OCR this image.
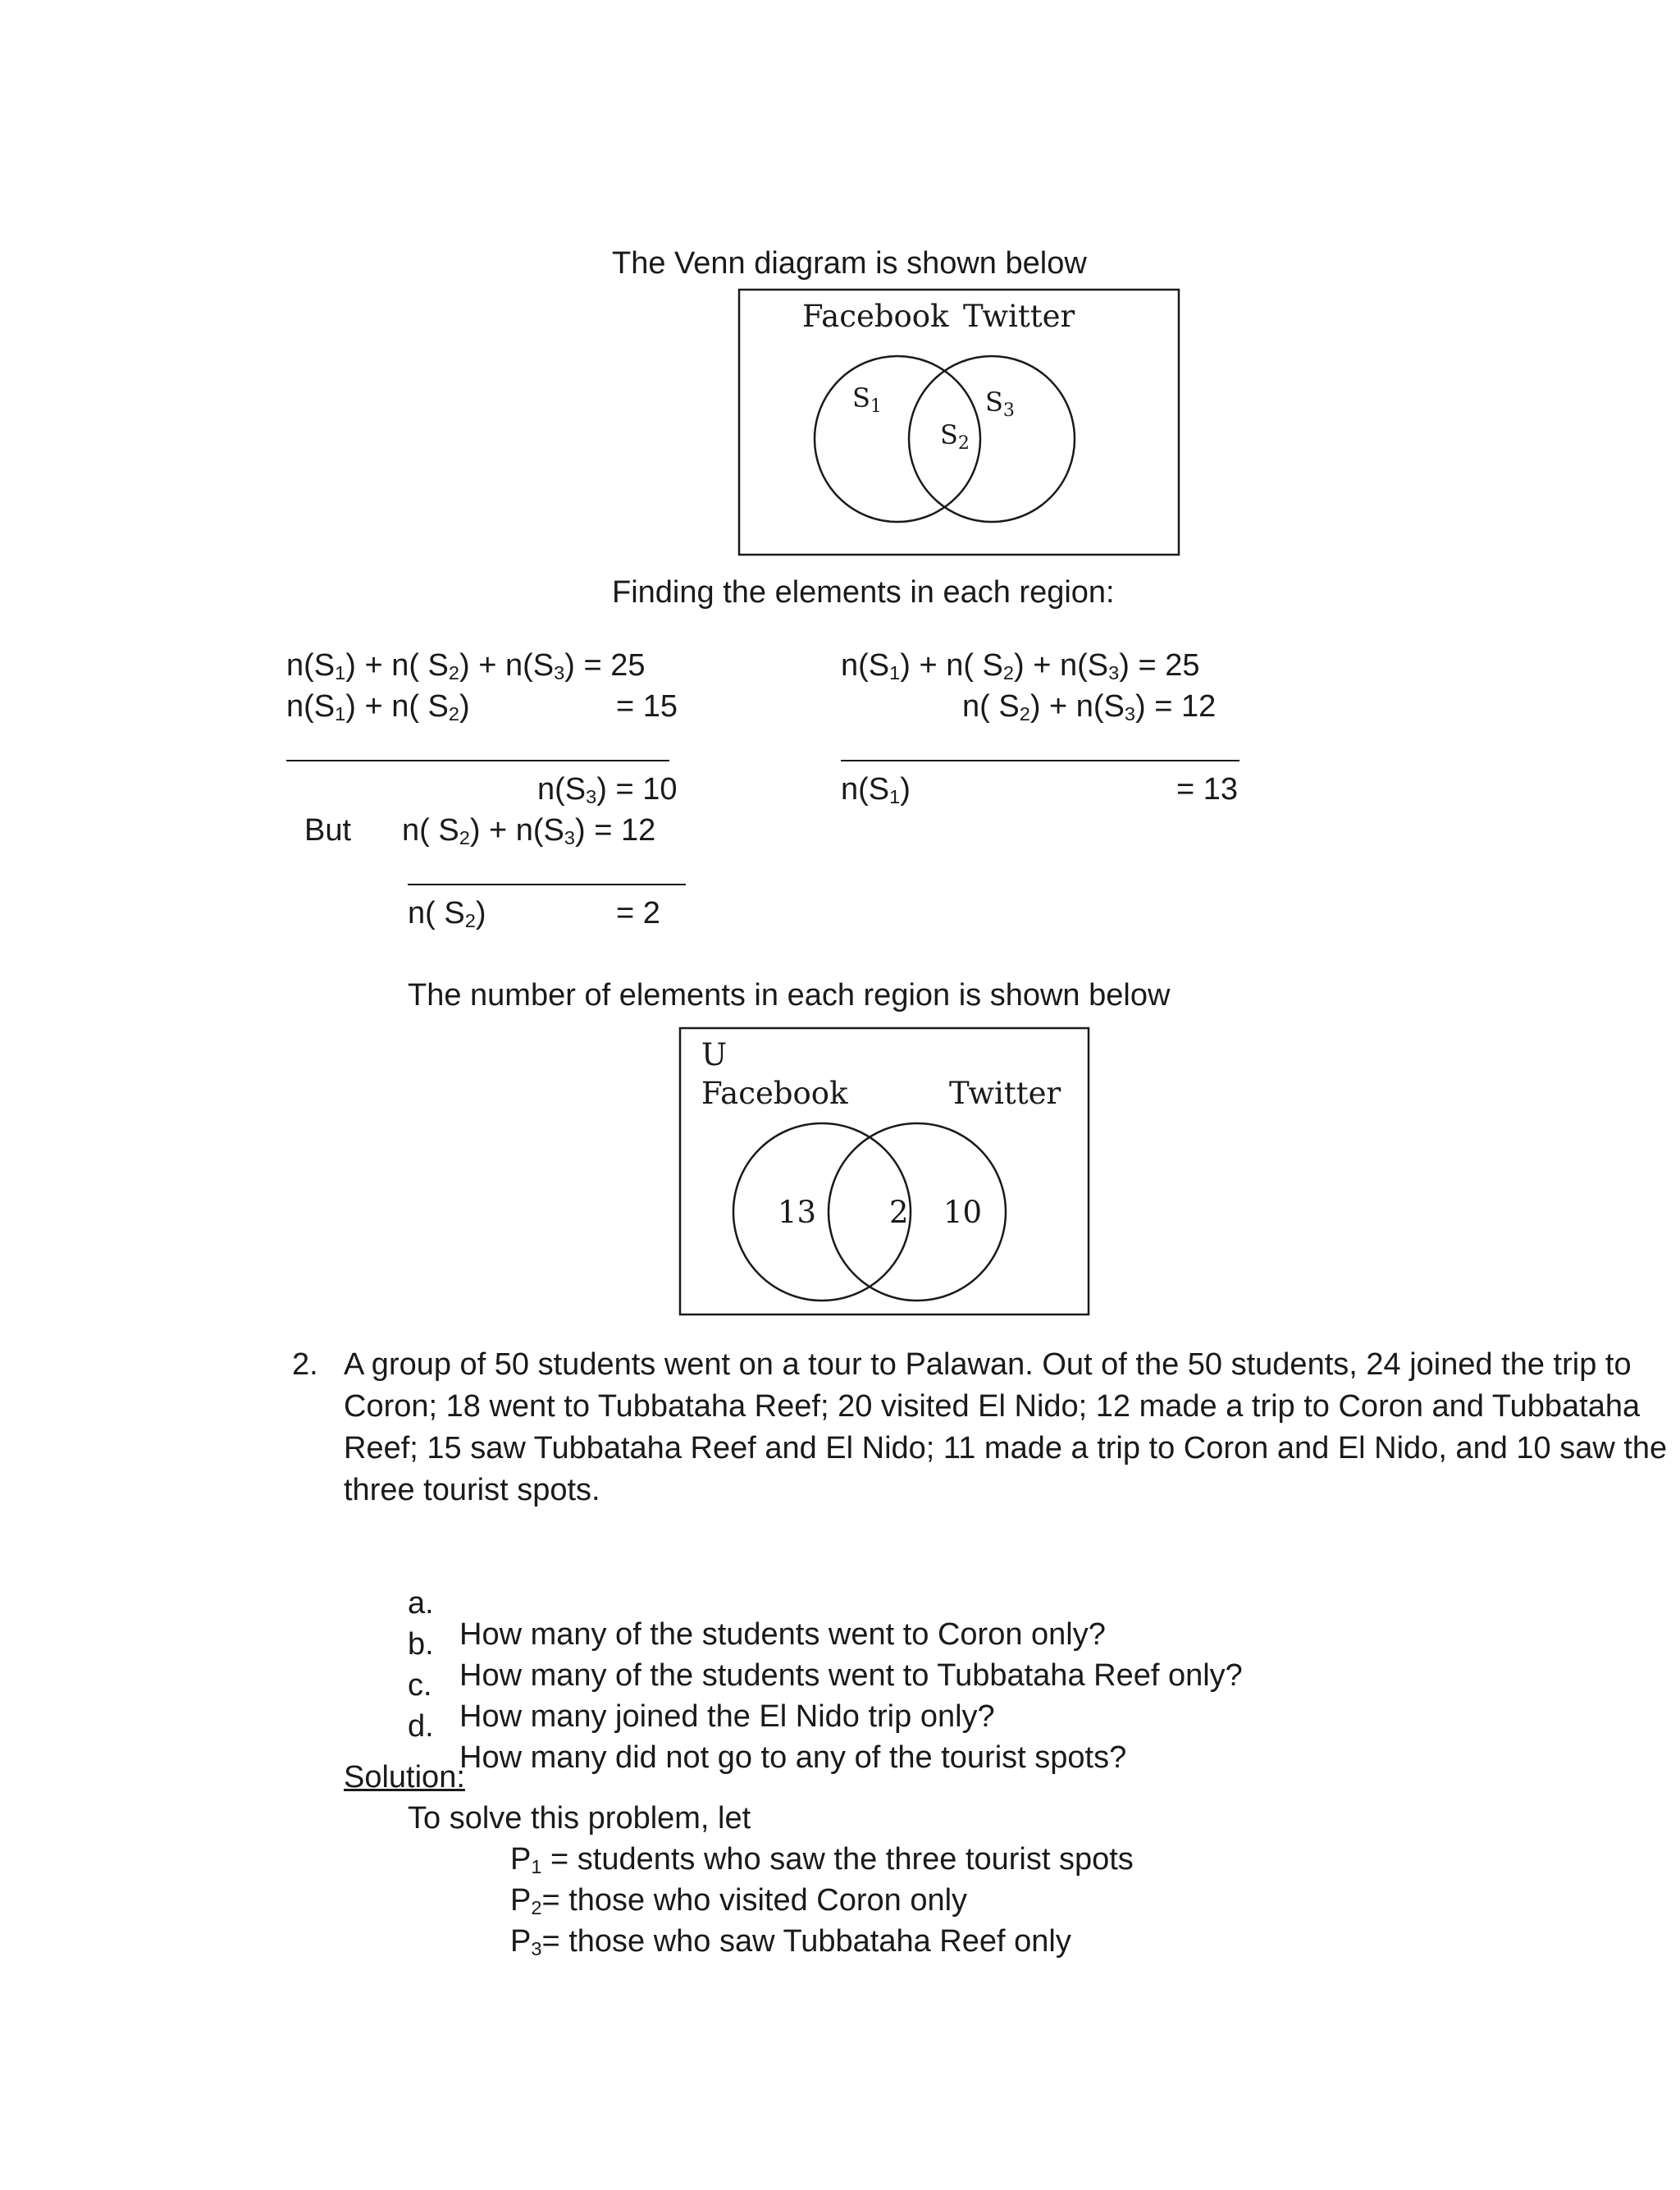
The Venn diagram is shown below
Facebook Twitter
S1
S2
S3
U
Facebook	Twitter
13 2 10
Finding the elements in each region:
$n(S_1) + n$( $S_2) + n(S_3) = 25$
$n(S_1) + n$( $S_2$)	= 15
$n(S_3) = 10$
But n( $S_2) + n(S_3) = 12$
n( $S_2$)	= 2
$n(S_1) + n$( $S_2) + n(S_3) = 25$
n( $S_2) + n(S_3) = 12$
$n(S_1)$	= 13
The number of elements in each region is shown below
2. A group of 50 students went on a tour to Palawan. Out of the 50 students, 24 joined the trip to Coron; 18 went to Tubbataha Reef; 20 visited El Nido; 12 made a trip to Coron and Tubbataha Reef; 15 saw Tubbataha Reef and El Nido; 11 made a trip to Coron and El Nido, and 10 saw the three tourist spots.

a.

How many of the students went to Coron only?

b.

How many of the students went to Tubbataha Reef only?

c.

How many joined the El Nido trip only?

d.

How many did not go to any of the tourist spots?

Solution:
To solve this problem, let
$P_1$ = students who saw the three tourist spots
$P_2=$ those who visited Coron only
$P_3=$ those who saw Tubbataha Reef only
